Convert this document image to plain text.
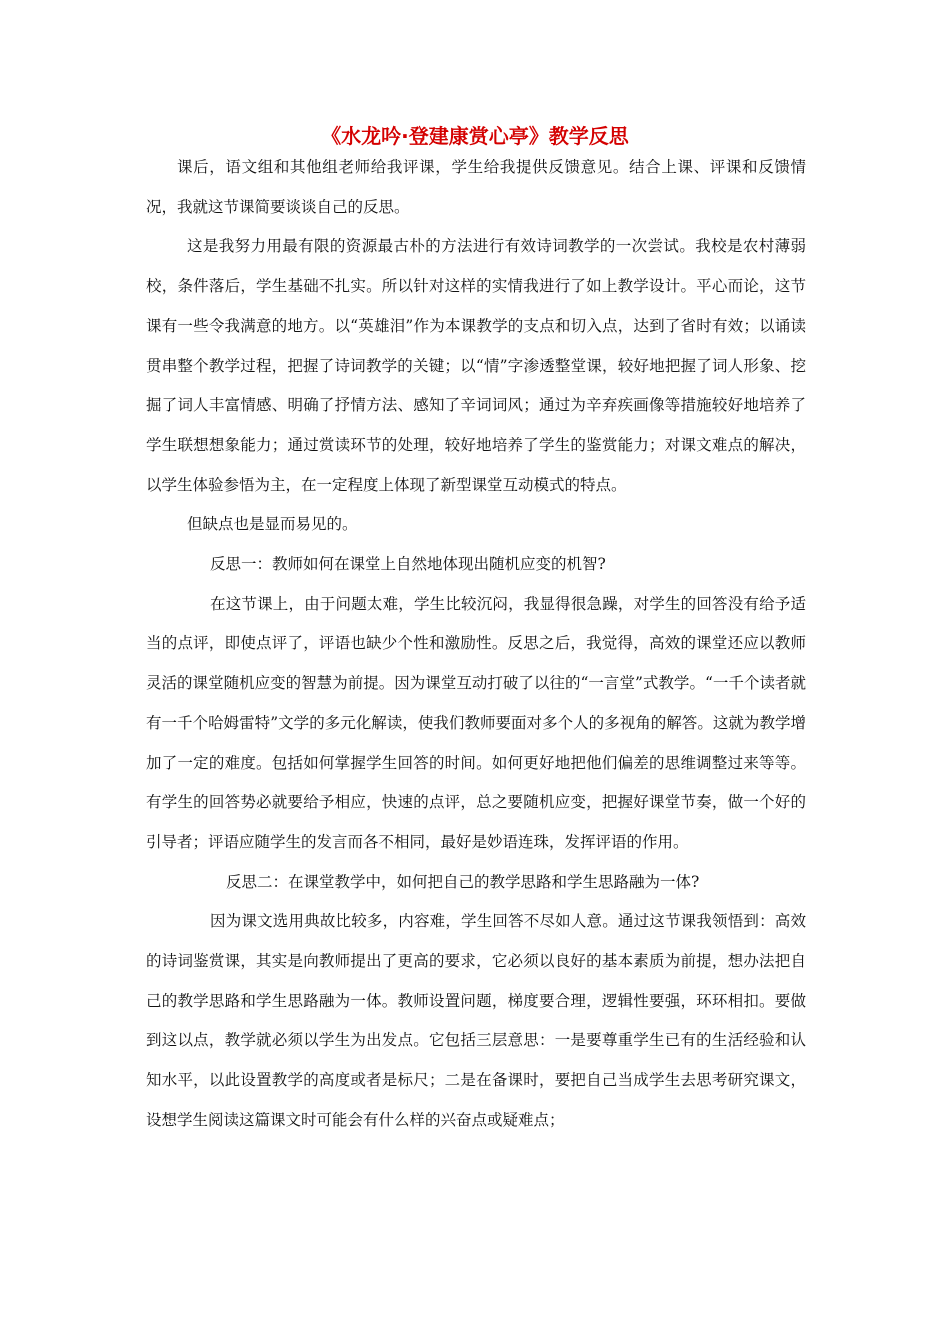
《水龙吟·登建康赏心亭》教学反思

课后，语文组和其他组老师给我评课，学生给我提供反馈意见。结合上课、评课和反馈情况，我就这节课简要谈谈自己的反思。

这是我努力用最有限的资源最古朴的方法进行有效诗词教学的一次尝试。我校是农村薄弱校，条件落后，学生基础不扎实。所以针对这样的实情我进行了如上教学设计。平心而论，这节课有一些令我满意的地方。以“英雄泪”作为本课教学的支点和切入点，达到了省时有效；以诵读贯串整个教学过程，把握了诗词教学的关键；以“情”字渗透整堂课，较好地把握了词人形象、挖掘了词人丰富情感、明确了抒情方法、感知了辛词词风；通过为辛弃疾画像等措施较好地培养了学生联想想象能力；通过赏读环节的处理，较好地培养了学生的鉴赏能力；对课文难点的解决，以学生体验参悟为主，在一定程度上体现了新型课堂互动模式的特点。

但缺点也是显而易见的。

反思一：教师如何在课堂上自然地体现出随机应变的机智?

在这节课上，由于问题太难，学生比较沉闷，我显得很急躁，对学生的回答没有给予适当的点评，即使点评了，评语也缺少个性和激励性。反思之后，我觉得，高效的课堂还应以教师灵活的课堂随机应变的智慧为前提。因为课堂互动打破了以往的“一言堂”式教学。“一千个读者就有一千个哈姆雷特”文学的多元化解读，使我们教师要面对多个人的多视角的解答。这就为教学增加了一定的难度。包括如何掌握学生回答的时间。如何更好地把他们偏差的思维调整过来等等。有学生的回答势必就要给予相应，快速的点评，总之要随机应变，把握好课堂节奏，做一个好的引导者；评语应随学生的发言而各不相同，最好是妙语连珠，发挥评语的作用。

反思二：在课堂教学中，如何把自己的教学思路和学生思路融为一体?

因为课文选用典故比较多，内容难，学生回答不尽如人意。通过这节课我领悟到：高效的诗词鉴赏课，其实是向教师提出了更高的要求，它必须以良好的基本素质为前提，想办法把自己的教学思路和学生思路融为一体。教师设置问题，梯度要合理，逻辑性要强，环环相扣。要做到这以点，教学就必须以学生为出发点。它包括三层意思：一是要尊重学生已有的生活经验和认知水平，以此设置教学的高度或者是标尺；二是在备课时，要把自己当成学生去思考研究课文，设想学生阅读这篇课文时可能会有什么样的兴奋点或疑难点；
